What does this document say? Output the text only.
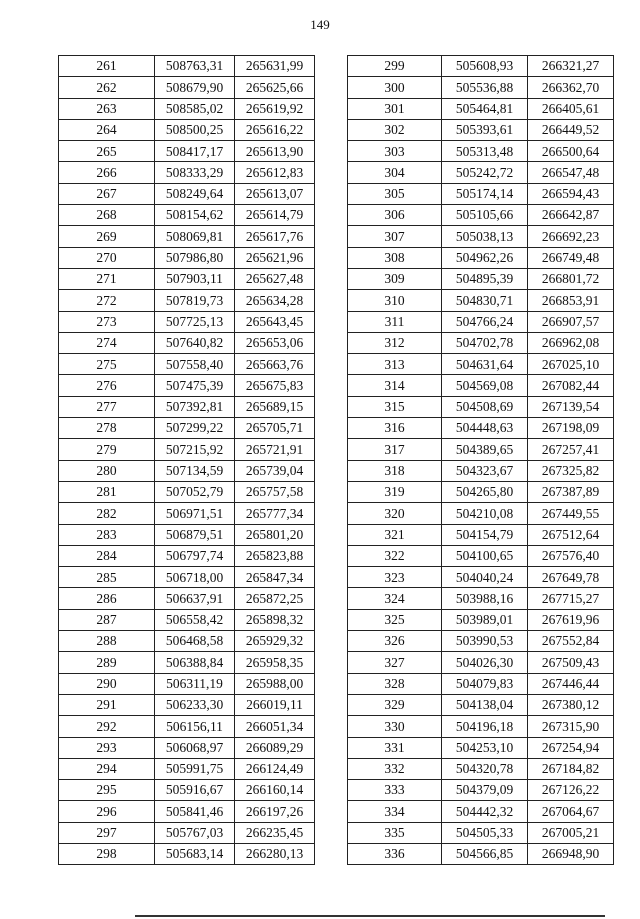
149
261	508763,31	265631,99
262	508679,90	265625,66
263	508585,02	265619,92
264	508500,25	265616,22
265	508417,17	265613,90
266	508333,29	265612,83
267	508249,64	265613,07
268	508154,62	265614,79
269	508069,81	265617,76
270	507986,80	265621,96
271	507903,11	265627,48
272	507819,73	265634,28
273	507725,13	265643,45
274	507640,82	265653,06
275	507558,40	265663,76
276	507475,39	265675,83
277	507392,81	265689,15
278	507299,22	265705,71
279	507215,92	265721,91
280	507134,59	265739,04
281	507052,79	265757,58
282	506971,51	265777,34
283	506879,51	265801,20
284	506797,74	265823,88
285	506718,00	265847,34
286	506637,91	265872,25
287	506558,42	265898,32
288	506468,58	265929,32
289	506388,84	265958,35
290	506311,19	265988,00
291	506233,30	266019,11
292	506156,11	266051,34
293	506068,97	266089,29
294	505991,75	266124,49
295	505916,67	266160,14
296	505841,46	266197,26
297	505767,03	266235,45
298	505683,14	266280,13
299	505608,93	266321,27
300	505536,88	266362,70
301	505464,81	266405,61
302	505393,61	266449,52
303	505313,48	266500,64
304	505242,72	266547,48
305	505174,14	266594,43
306	505105,66	266642,87
307	505038,13	266692,23
308	504962,26	266749,48
309	504895,39	266801,72
310	504830,71	266853,91
311	504766,24	266907,57
312	504702,78	266962,08
313	504631,64	267025,10
314	504569,08	267082,44
315	504508,69	267139,54
316	504448,63	267198,09
317	504389,65	267257,41
318	504323,67	267325,82
319	504265,80	267387,89
320	504210,08	267449,55
321	504154,79	267512,64
322	504100,65	267576,40
323	504040,24	267649,78
324	503988,16	267715,27
325	503989,01	267619,96
326	503990,53	267552,84
327	504026,30	267509,43
328	504079,83	267446,44
329	504138,04	267380,12
330	504196,18	267315,90
331	504253,10	267254,94
332	504320,78	267184,82
333	504379,09	267126,22
334	504442,32	267064,67
335	504505,33	267005,21
336	504566,85	266948,90
